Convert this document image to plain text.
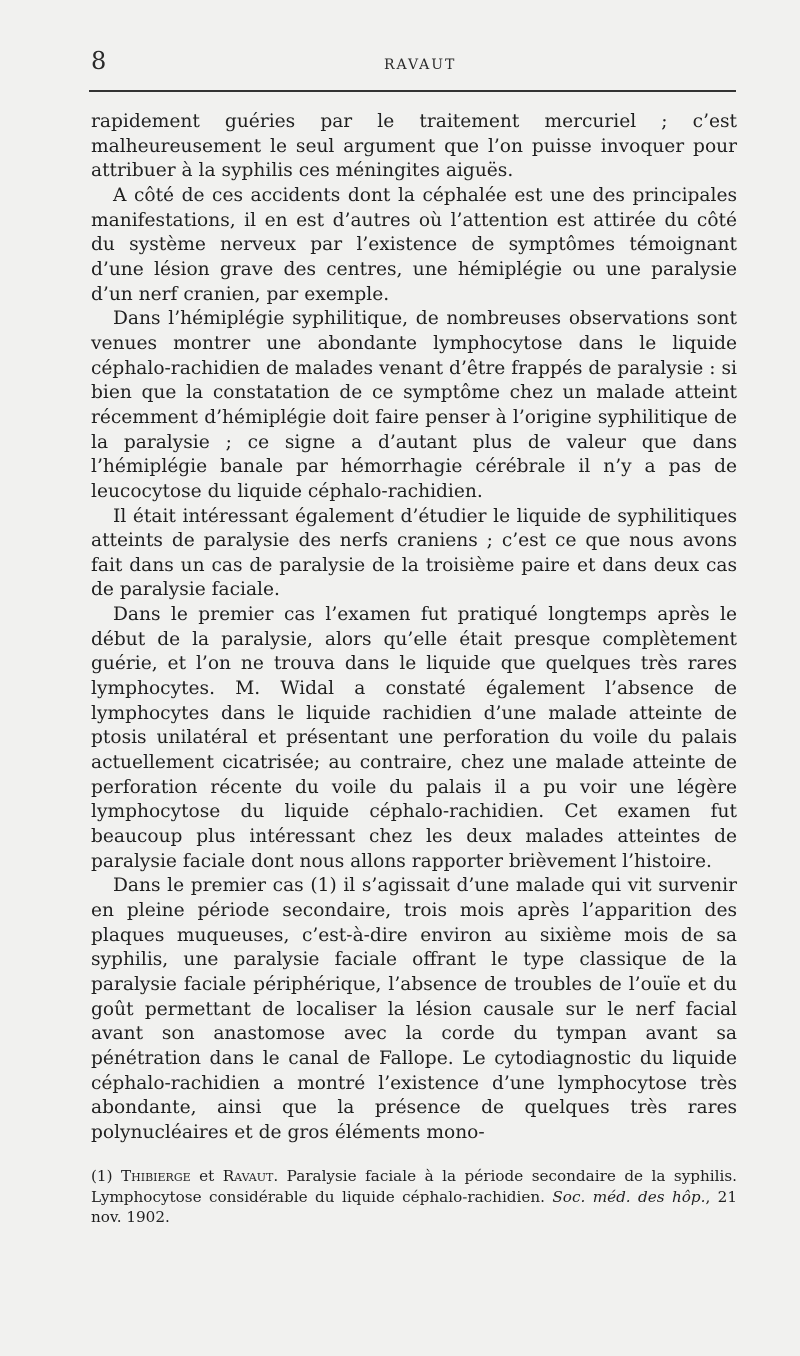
8	RAVAUT

rapidement guéries par le traitement mercuriel ; c’est malheureusement le seul argument que l’on puisse invoquer pour attribuer à la syphilis ces méningites aiguës.

A côté de ces accidents dont la céphalée est une des principales manifestations, il en est d’autres où l’attention est attirée du côté du système nerveux par l’existence de symptômes témoignant d’une lésion grave des centres, une hémiplégie ou une paralysie d’un nerf cranien, par exemple.

Dans l’hémiplégie syphilitique, de nombreuses observations sont venues montrer une abondante lymphocytose dans le liquide céphalo-rachidien de malades venant d’être frappés de paralysie : si bien que la constatation de ce symptôme chez un malade atteint récemment d’hémiplégie doit faire penser à l’origine syphilitique de la paralysie ; ce signe a d’autant plus de valeur que dans l’hémiplégie banale par hémorrhagie cérébrale il n’y a pas de leucocytose du liquide céphalo-rachidien.

Il était intéressant également d’étudier le liquide de syphilitiques atteints de paralysie des nerfs craniens ; c’est ce que nous avons fait dans un cas de paralysie de la troisième paire et dans deux cas de paralysie faciale.

Dans le premier cas l’examen fut pratiqué longtemps après le début de la paralysie, alors qu’elle était presque complètement guérie, et l’on ne trouva dans le liquide que quelques très rares lymphocytes. M. Widal a constaté également l’absence de lymphocytes dans le liquide rachidien d’une malade atteinte de ptosis unilatéral et présentant une perforation du voile du palais actuellement cicatrisée; au contraire, chez une malade atteinte de perforation récente du voile du palais il a pu voir une légère lymphocytose du liquide céphalo-rachidien. Cet examen fut beaucoup plus intéressant chez les deux malades atteintes de paralysie faciale dont nous allons rapporter brièvement l’histoire.

Dans le premier cas (1) il s’agissait d’une malade qui vit survenir en pleine période secondaire, trois mois après l’apparition des plaques muqueuses, c’est-à-dire environ au sixième mois de sa syphilis, une paralysie faciale offrant le type classique de la paralysie faciale périphérique, l’absence de troubles de l’ouïe et du goût permettant de localiser la lésion causale sur le nerf facial avant son anastomose avec la corde du tympan avant sa pénétration dans le canal de Fallope. Le cytodiagnostic du liquide céphalo-rachidien a montré l’existence d’une lymphocytose très abondante, ainsi que la présence de quelques très rares polynucléaires et de gros éléments mono-

(1) Thibierge et Ravaut. Paralysie faciale à la période secondaire de la syphilis. Lymphocytose considérable du liquide céphalo-rachidien. Soc. méd. des hôp., 21 nov. 1902.
